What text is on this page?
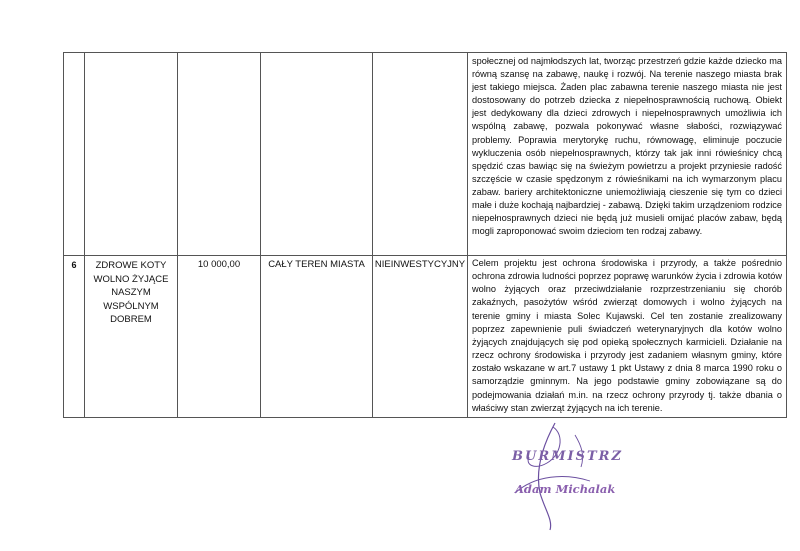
					społecznej od najmłodszych lat, tworząc przestrzeń gdzie każde dziecko ma równą szansę na zabawę, naukę i rozwój. Na terenie naszego miasta brak jest takiego miejsca. Żaden plac zabawna terenie naszego miasta nie jest dostosowany do potrzeb dziecka z niepełnosprawnością ruchową. Obiekt jest dedykowany dla dzieci zdrowych i niepełnosprawnych umożliwia ich wspólną zabawę, pozwala pokonywać własne słabości, rozwiązywać problemy. Poprawia merytorykę ruchu, równowagę, eliminuje poczucie wykluczenia osób niepełnosprawnych, którzy tak jak inni rówieśnicy chcą spędzić czas bawiąc się na świeżym powietrzu a projekt przyniesie radość szczęście w czasie spędzonym z rówieśnikami na ich wymarzonym placu zabaw. bariery architektoniczne uniemożliwiają cieszenie się tym co dzieci małe i duże kochają najbardziej - zabawą. Dzięki takim urządzeniom rodzice niepełnosprawnych dzieci nie będą już musieli omijać placów zabaw, będą mogli zaproponować swoim dzieciom ten rodzaj zabawy.

6	ZDROWE KOTY WOLNO ŻYJĄCE NASZYM WSPÓLNYM DOBREM	10 000,00	CAŁY TEREN MIASTA	NIEINWESTYCYJNY	Celem projektu jest ochrona środowiska i przyrody, a także pośrednio ochrona zdrowia ludności poprzez poprawę warunków życia i zdrowia kotów wolno żyjących oraz przeciwdziałanie rozprzestrzenianiu się chorób zakaźnych, pasożytów wśród zwierząt domowych i wolno żyjących na terenie gminy i miasta Solec Kujawski. Cel ten zostanie zrealizowany poprzez zapewnienie puli świadczeń weterynaryjnych dla kotów wolno żyjących znajdujących się pod opieką społecznych karmicieli. Działanie na rzecz ochrony środowiska i przyrody jest zadaniem własnym gminy, które zostało wskazane w art.7 ustawy 1 pkt Ustawy z dnia 8 marca 1990 roku o samorządzie gminnym. Na jego podstawie gminy zobowiązane są do podejmowania działań m.in. na rzecz ochrony przyrody tj. także dbania o właściwy stan zwierząt żyjących na ich terenie.
BURMISTRZ
Adam Michalak
